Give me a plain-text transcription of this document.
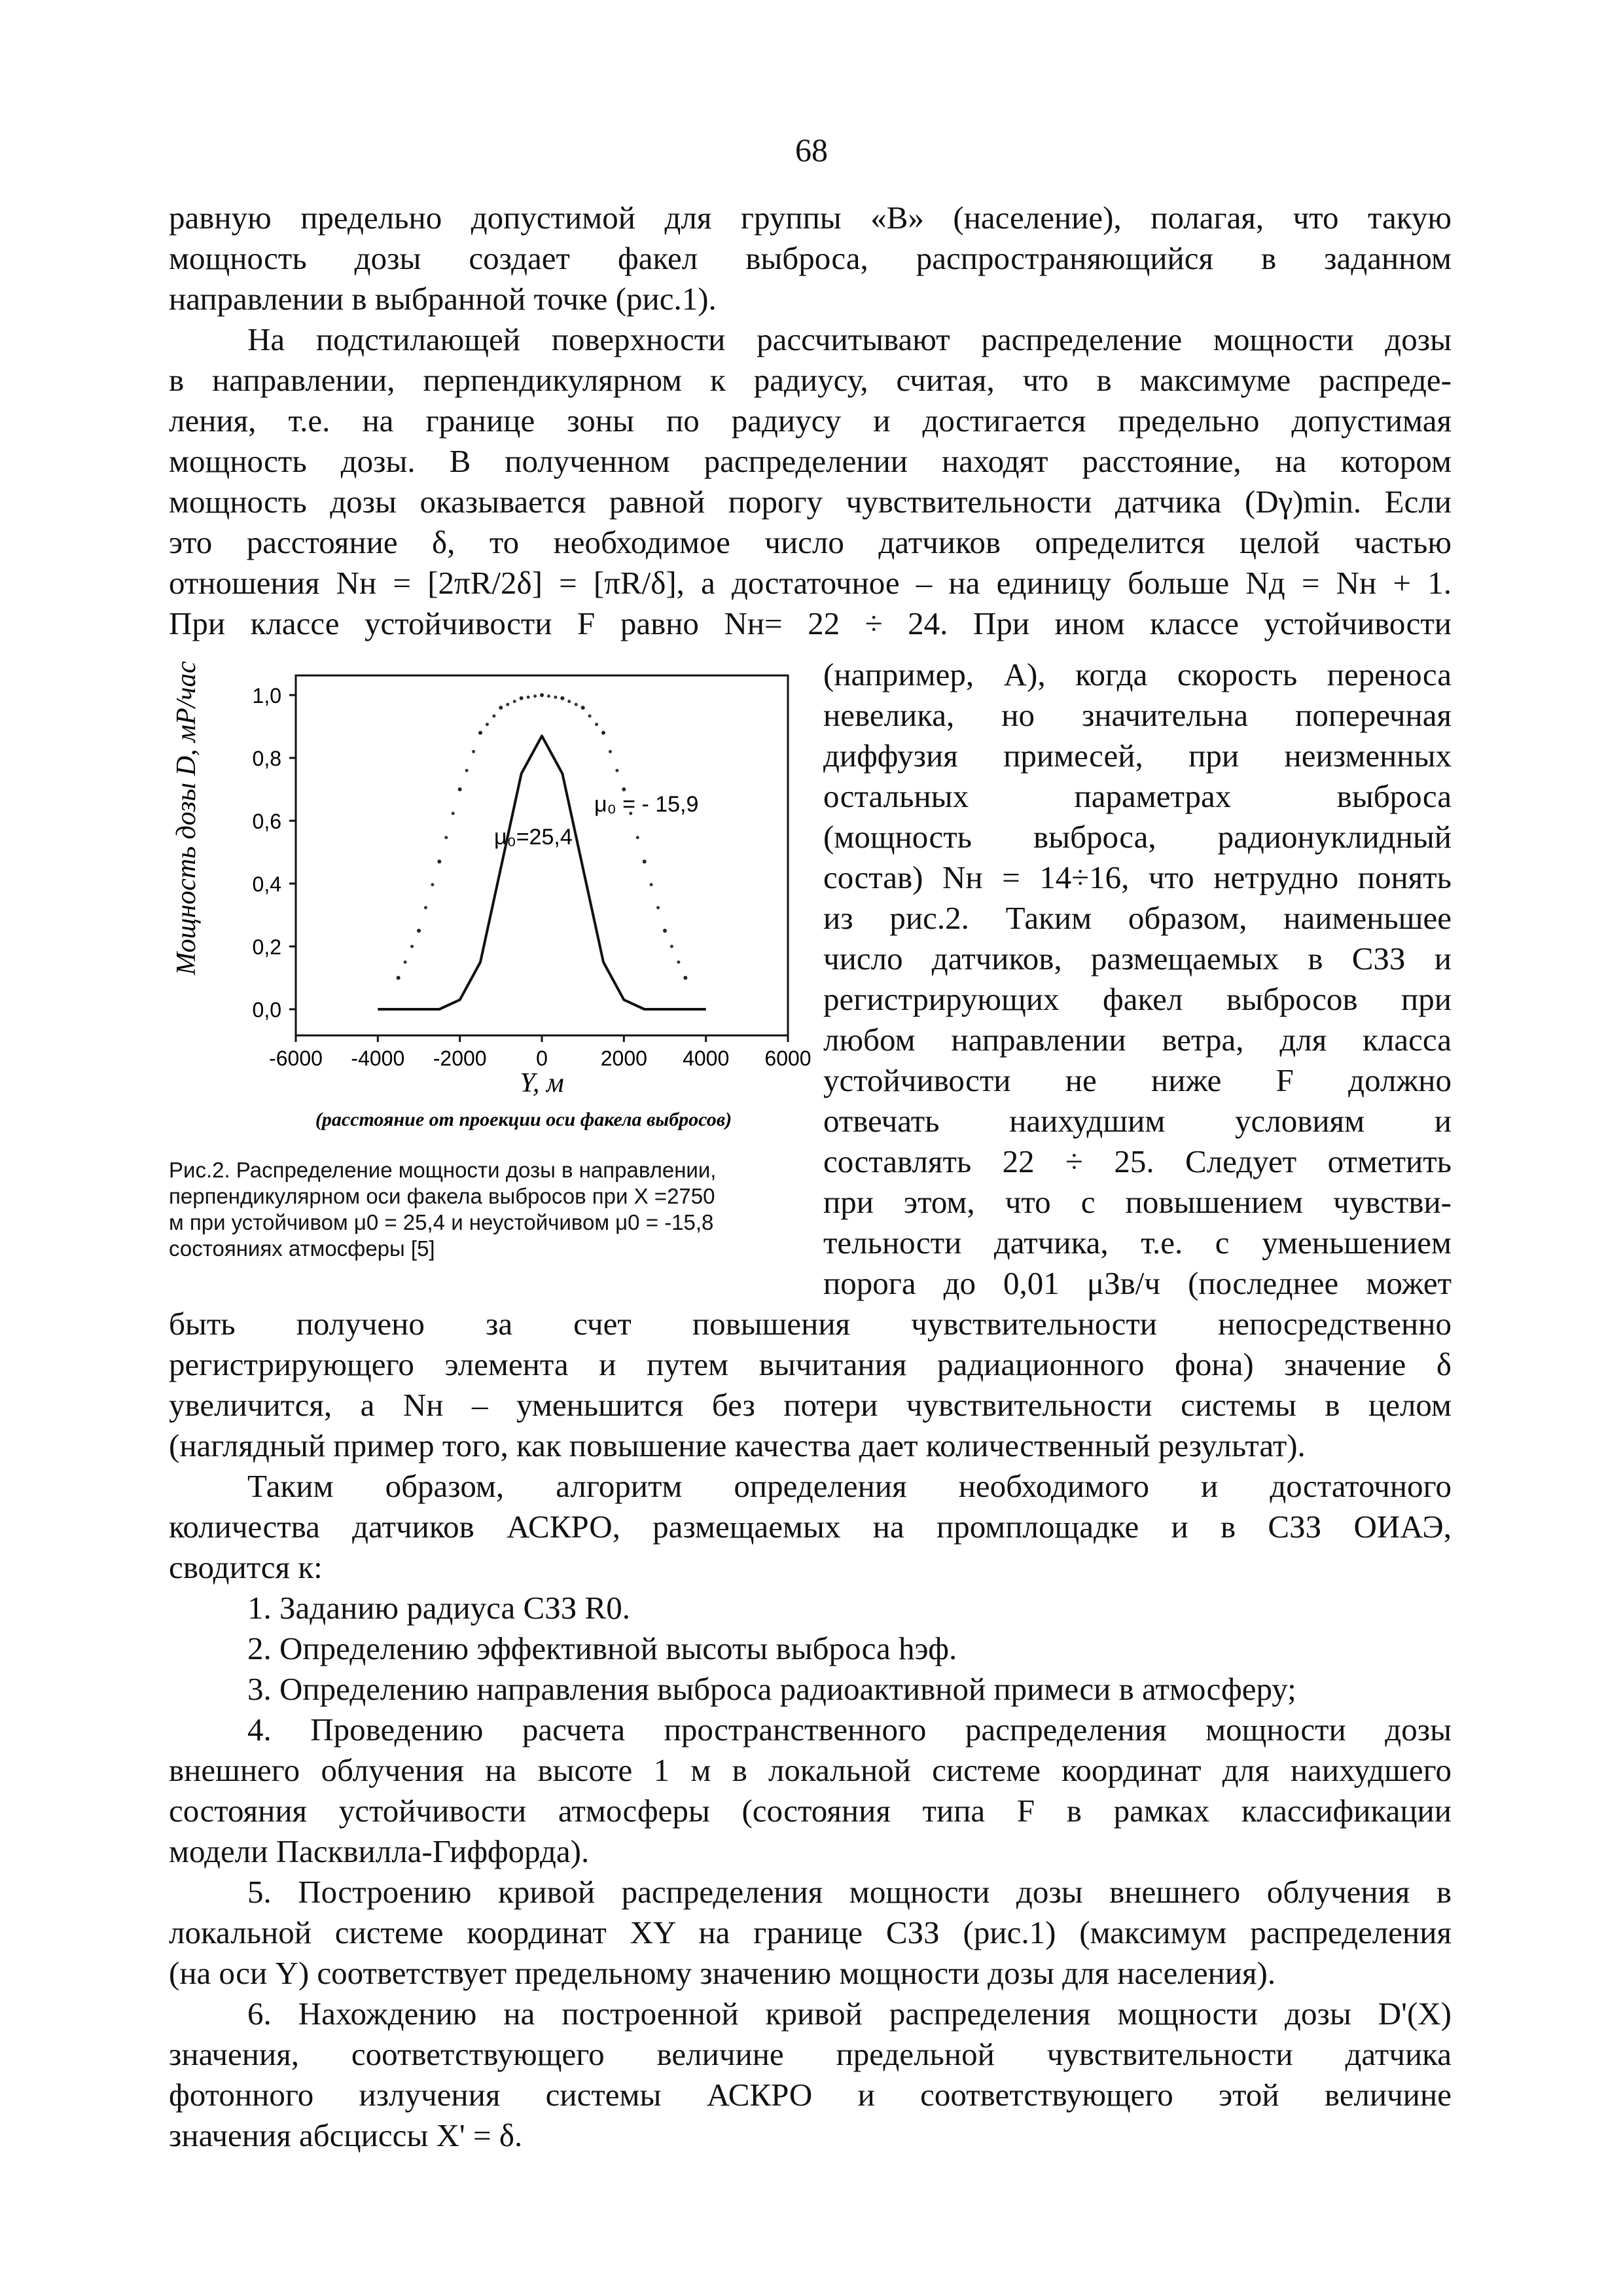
68

равную предельно допустимой для группы «B» (население), полагая, что такую

мощность дозы создает факел выброса, распространяющийся в заданном

направлении в выбранной точке (рис.1).

На подстилающей поверхности рассчитывают распределение мощности дозы

в направлении, перпендикулярном к радиусу, считая, что в максимуме распреде-

ления, т.е. на границе зоны по радиусу и достигается предельно допустимая

мощность дозы. В полученном распределении находят расстояние, на котором

мощность дозы оказывается равной порогу чувствительности датчика (Dγ)min. Если

это расстояние δ, то необходимое число датчиков определится целой частью

отношения Nн = [2πR/2δ] = [πR/δ], а достаточное – на единицу больше Nд = Nн + 1.

При классе устойчивости F равно Nн= 22 ÷ 24. При ином классе устойчивости

(например, A), когда скорость переноса

невелика, но значительна поперечная

диффузия примесей, при неизменных

остальных параметрах выброса

(мощность выброса, радионуклидный

состав) Nн = 14÷16, что нетрудно понять

из рис.2. Таким образом, наименьшее

число датчиков, размещаемых в СЗЗ и

регистрирующих факел выбросов при

любом направлении ветра, для класса

устойчивости не ниже F должно

отвечать наихудшим условиям и

составлять 22 ÷ 25. Следует отметить

при этом, что с повышением чувстви-

тельности датчика, т.е. с уменьшением

порога до 0,01 μЗв/ч (последнее может

Мощность дозы D, мР/час 1,0
0,8
0,6
0,4
0,2
0,0
-6000 -4000 -2000 0	2000 4000 6000
μ₀ = - 15,9
μ₀=25,4
Y, м
(расстояние от проекции оси факела выбросов)

Рис.2. Распределение мощности дозы в направлении,

перпендикулярном оси факела выбросов при X =2750

м при устойчивом μ0 = 25,4 и неустойчивом μ0 = -15,8

состояниях атмосферы [5]

быть получено за счет повышения чувствительности непосредственно

регистрирующего элемента и путем вычитания радиационного фона) значение δ

увеличится, а Nн – уменьшится без потери чувствительности системы в целом

(наглядный пример того, как повышение качества дает количественный результат).

Таким образом, алгоритм определения необходимого и достаточного

количества датчиков АСКРО, размещаемых на промплощадке и в СЗЗ ОИАЭ,

сводится к:

1. Заданию радиуса СЗЗ R0.

2. Определению эффективной высоты выброса hэф.

3. Определению направления выброса радиоактивной примеси в атмосферу;

4. Проведению расчета пространственного распределения мощности дозы

внешнего облучения на высоте 1 м в локальной системе координат для наихудшего

состояния устойчивости атмосферы (состояния типа F в рамках классификации

модели Пасквилла-Гиффорда).

5. Построению кривой распределения мощности дозы внешнего облучения в

локальной системе координат XY на границе СЗЗ (рис.1) (максимум распределения

(на оси Y) соответствует предельному значению мощности дозы для населения).

6. Нахождению на построенной кривой распределения мощности дозы D'(X)

значения, соответствующего величине предельной чувствительности датчика

фотонного излучения системы АСКРО и соответствующего этой величине

значения абсциссы X' = δ.
